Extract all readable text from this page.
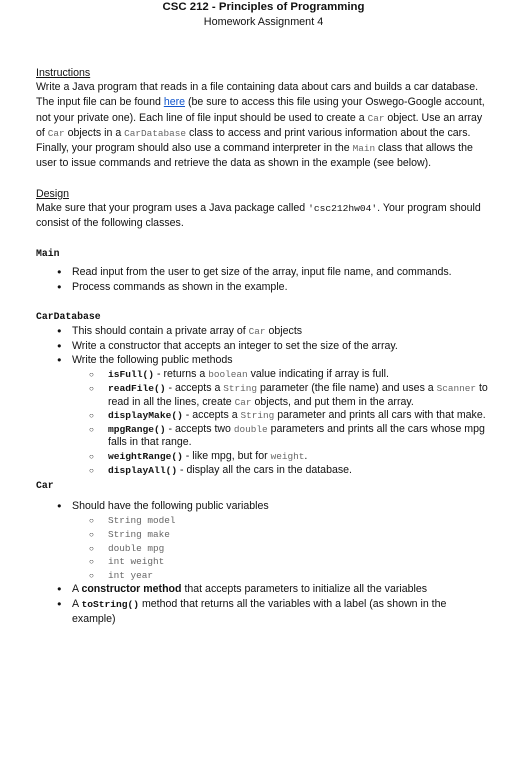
CSC 212 - Principles of Programming
Homework Assignment 4
Instructions

Write a Java program that reads in a file containing data about cars and builds a car database. The input file can be found here (be sure to access this file using your Oswego-Google account, not your private one). Each line of file input should be used to create a Car object. Use an array of Car objects in a CarDatabase class to access and print various information about the cars. Finally, your program should also use a command interpreter in the Main class that allows the user to issue commands and retrieve the data as shown in the example (see below).

Design

Make sure that your program uses a Java package called 'csc212hw04'. Your program should consist of the following classes.

Main
● Read input from the user to get size of the array, input file name, and commands.
● Process commands as shown in the example.
CarDatabase
● This should contain a private array of Car objects
● Write a constructor that accepts an integer to set the size of the array.
● Write the following public methods
○ isFull() - returns a boolean value indicating if array is full.
○ readFile() - accepts a String parameter (the file name) and uses a Scanner to read in all the lines, create Car objects, and put them in the array.
○ displayMake() - accepts a String parameter and prints all cars with that make.
○ mpgRange() - accepts two double parameters and prints all the cars whose mpg falls in that range.
○ weightRange() - like mpg, but for weight.
○ displayAll() - display all the cars in the database.
Car
● Should have the following public variables
○ String model
○ String make
○ double mpg
○ int weight
○ int year
● A constructor method that accepts parameters to initialize all the variables
● A toString() method that returns all the variables with a label (as shown in the example)
